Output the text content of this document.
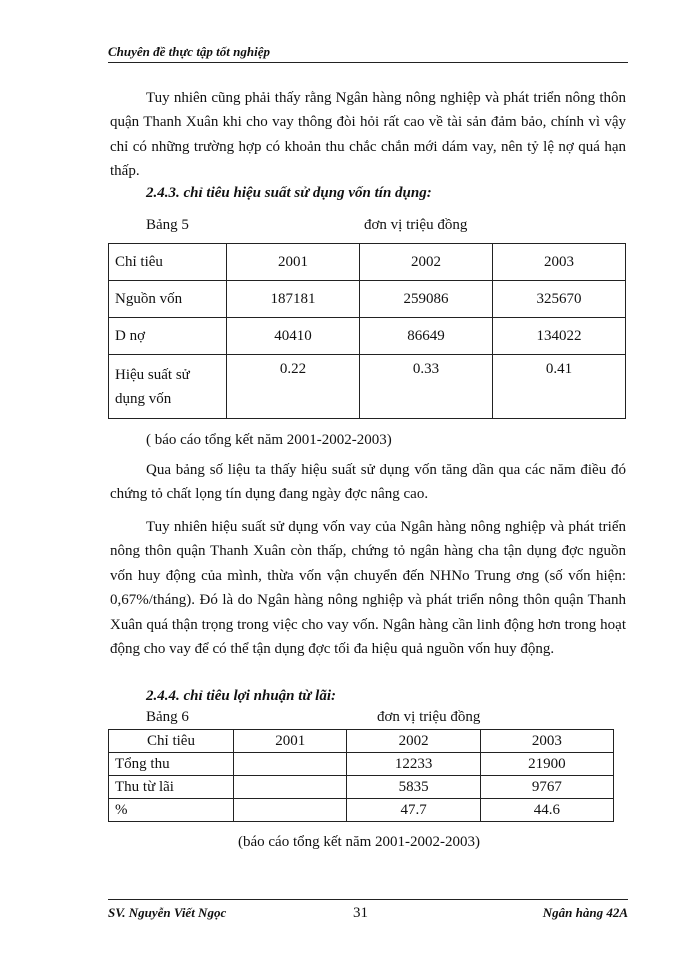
Chuyên đề thực tập tốt nghiệp

Tuy nhiên cũng phải thấy rằng Ngân hàng nông nghiệp và phát triển nông thôn quận Thanh Xuân khi cho vay thông đòi hỏi rất cao về tài sản đảm bảo, chính vì vậy chỉ có những trường hợp có khoản thu chắc chắn mới dám vay, nên tỷ lệ nợ quá hạn thấp.

2.4.3. chỉ tiêu hiệu suất sử dụng vốn tín dụng:
Bảng 5	đơn vị triệu đồng
Chỉ tiêu	2001	2002	2003
Nguồn vốn	187181	259086	325670
D nợ	40410	86649	134022
Hiệu suất sử dụng vốn	0.22	0.33	0.41
( báo cáo tổng kết năm 2001-2002-2003)

Qua bảng số liệu ta thấy hiệu suất sử dụng vốn tăng dần qua các năm điều đó chứng tỏ chất lọng tín dụng đang ngày đợc nâng cao.

Tuy nhiên hiệu suất sử dụng vốn vay của Ngân hàng nông nghiệp và phát triển nông thôn quận Thanh Xuân còn thấp, chứng tỏ ngân hàng cha tận dụng đợc nguồn vốn huy động của mình, thừa vốn vận chuyển đến NHNo Trung ơng (số vốn hiện: 0,67%/tháng). Đó là do Ngân hàng nông nghiệp và phát triển nông thôn quận Thanh Xuân quá thận trọng trong việc cho vay vốn. Ngân hàng cần linh động hơn trong hoạt động cho vay để có thể tận dụng đợc tối đa hiệu quả nguồn vốn huy động.

2.4.4. chỉ tiêu lợi nhuận từ lãi:
Bảng 6	đơn vị triệu đồng
Chỉ tiêu	2001	2002	2003
Tổng thu		12233	21900
Thu từ lãi		5835	9767
%		47.7	44.6
(báo cáo tổng kết năm 2001-2002-2003)
SV. Nguyễn Viết Ngọc	31	Ngân hàng 42A
